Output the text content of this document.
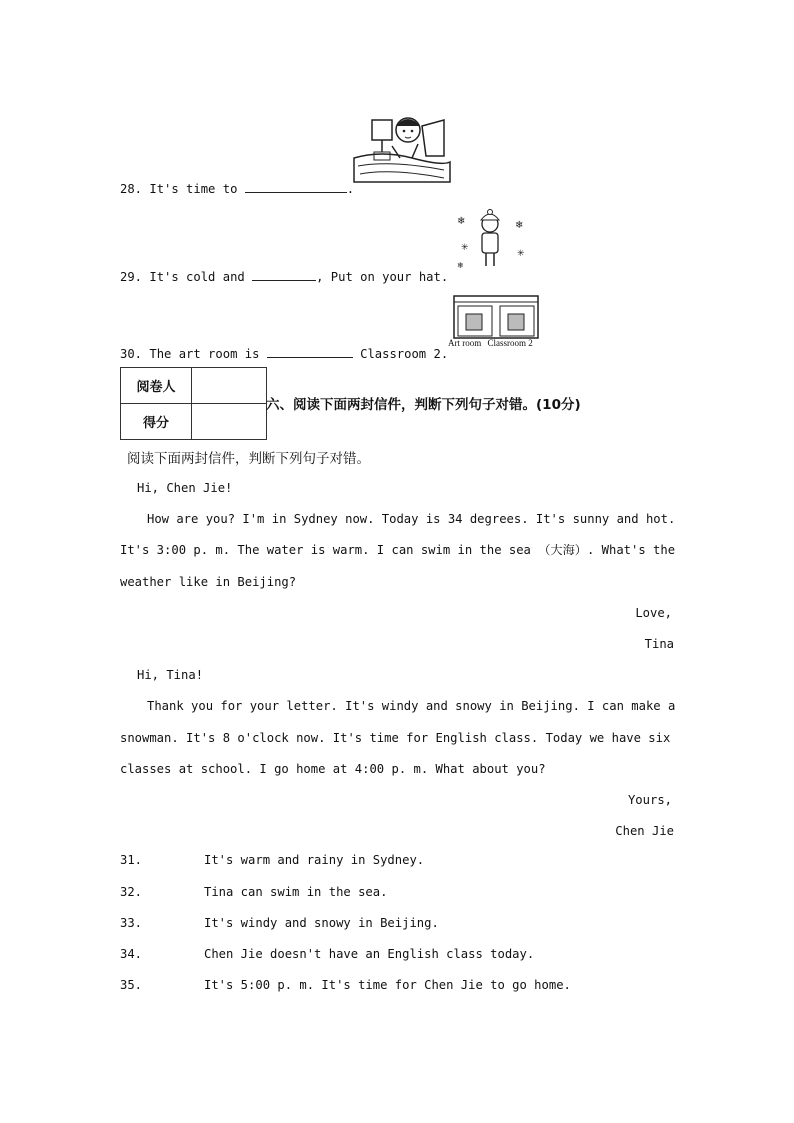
28. It's time to	.
❄	❄
✳
✳
❄
29. It's cold and	, Put on your hat.
Art room Classroom 2
30. The art room is	Classroom 2.
阅卷人	
得分	
六、阅读下面两封信件，判断下列句子对错。(10分)
阅读下面两封信件，判断下列句子对错。
Hi, Chen Jie!
How are you? I'm in Sydney now. Today is 34 degrees. It's sunny and hot.
It's 3:00 p. m. The water is warm. I can swim in the sea （大海）. What's the
weather like in Beijing?
Love,
Tina
Hi, Tina!
Thank you for your letter. It's windy and snowy in Beijing. I can make a
snowman. It's 8 o'clock now. It's time for English class. Today we have six
classes at school. I go home at 4:00 p. m. What about you?
Yours,
Chen Jie
31.	It's warm and rainy in Sydney.
32.	Tina can swim in the sea.
33.	It's windy and snowy in Beijing.
34.	Chen Jie doesn't have an English class today.
35.	It's 5:00 p. m. It's time for Chen Jie to go home.
